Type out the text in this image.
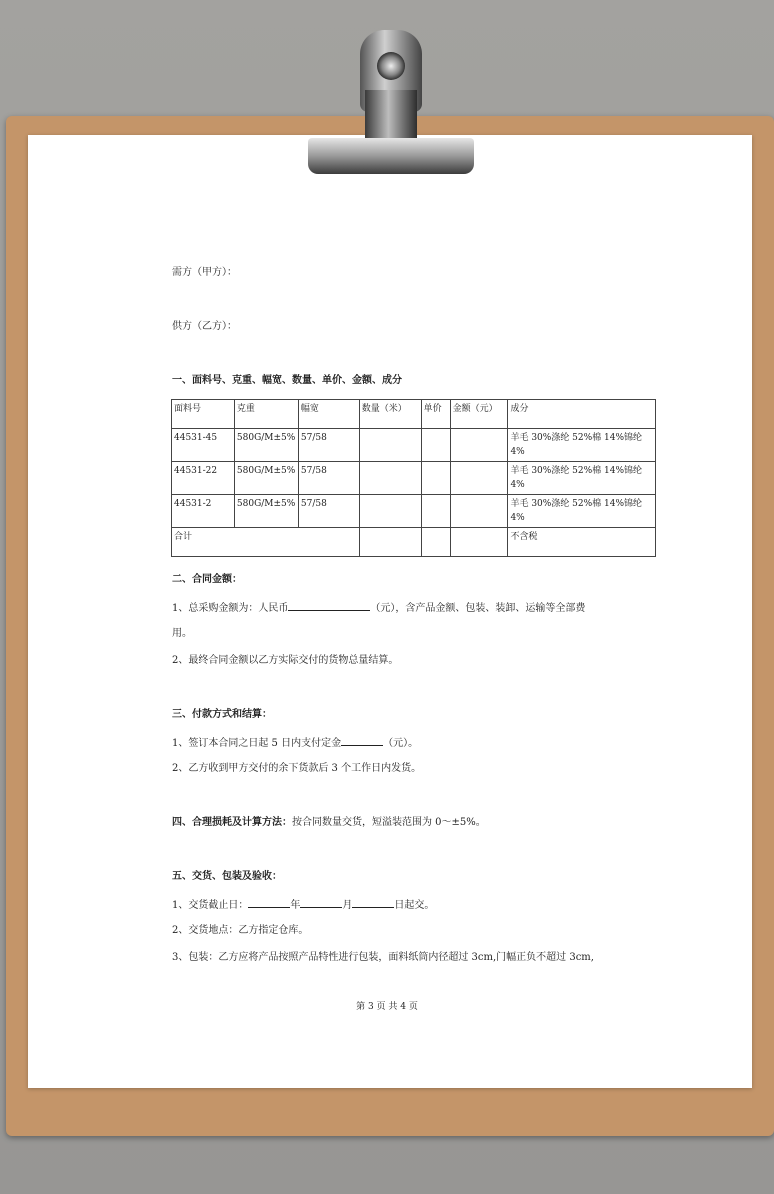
需方（甲方）：
供方（乙方）：
一、面料号、克重、幅宽、数量、单价、金额、成分
面料号	克重	幅宽	数量（米）	单价	金额（元）	成分
44531-45	580G/M±5%	57/58				羊毛 30%涤纶 52%棉 14%锦纶 4%
44531-22	580G/M±5%	57/58				羊毛 30%涤纶 52%棉 14%锦纶 4%
44531-2	580G/M±5%	57/58				羊毛 30%涤纶 52%棉 14%锦纶 4%
合计						不含税
二、合同金额：
1、总采购金额为：人民币	（元），含产品金额、包装、装卸、运输等全部费
用。
2、最终合同金额以乙方实际交付的货物总量结算。
三、付款方式和结算：
1、签订本合同之日起 5 日内支付定金	（元）。
2、乙方收到甲方交付的余下货款后 3 个工作日内发货。
四、合理损耗及计算方法：按合同数量交货，短溢装范围为 0～±5%。
五、交货、包装及验收：
1、交货截止日：	年	月	日起交。
2、交货地点：乙方指定仓库。
3、包装：乙方应将产品按照产品特性进行包装，面料纸筒内径超过 3cm,门幅正负不超过 3cm,
第 3 页 共 4 页
